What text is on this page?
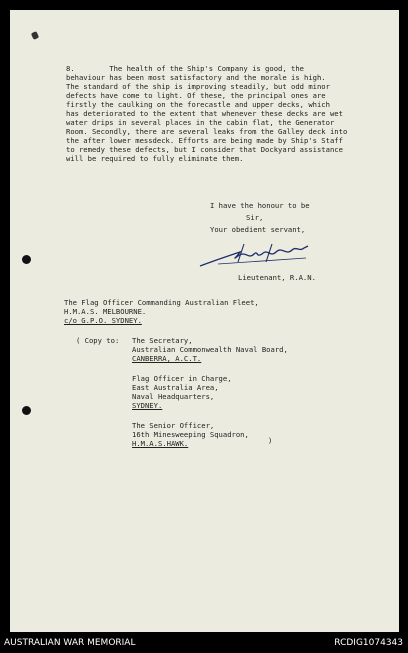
8.        The health of the Ship's Company is good, the
behaviour has been most satisfactory and the morale is high.
The standard of the ship is improving steadily, but odd minor
defects have come to light. Of these, the principal ones are
firstly the caulking on the forecastle and upper decks, which
has deteriorated to the extent that whenever these decks are wet
water drips in several places in the cabin flat, the Generator
Room. Secondly, there are several leaks from the Galley deck into
the after lower messdeck. Efforts are being made by Ship's Staff
to remedy these defects, but I consider that Dockyard assistance
will be required to fully eliminate them.
I have the honour to be
Sir,
Your obedient servant,
Lieutenant, R.A.N.
The Flag Officer Commanding Australian Fleet,
H.M.A.S. MELBOURNE.
c/o G.P.O. SYDNEY.
( Copy to: The Secretary,
Australian Commonwealth Naval Board,
CANBERRA, A.C.T.
Flag Officer in Charge,
East Australia Area,
Naval Headquarters,
SYDNEY.
The Senior Officer,
16th Minesweeping Squadron,
H.M.A.S.HAWK.	)
AUSTRALIAN WAR MEMORIAL	RCDIG1074343
